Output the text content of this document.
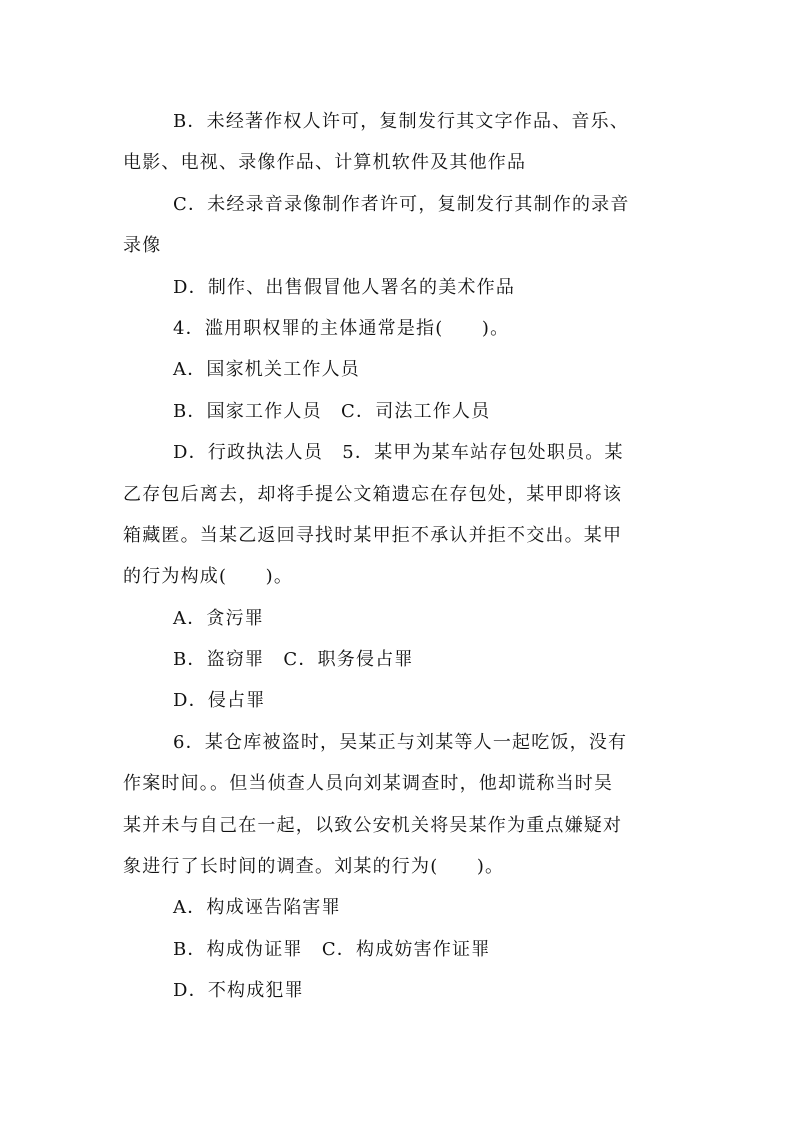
B．未经著作权人许可，复制发行其文字作品、音乐、
电影、电视、录像作品、计算机软件及其他作品
C．未经录音录像制作者许可，复制发行其制作的录音
录像
D．制作、出售假冒他人署名的美术作品
4．滥用职权罪的主体通常是指(　　)。
A．国家机关工作人员
B．国家工作人员　C．司法工作人员
D．行政执法人员　5．某甲为某车站存包处职员。某
乙存包后离去，却将手提公文箱遗忘在存包处，某甲即将该
箱藏匿。当某乙返回寻找时某甲拒不承认并拒不交出。某甲
的行为构成(　　)。
A．贪污罪
B．盗窃罪　C．职务侵占罪
D．侵占罪
6．某仓库被盗时，吴某正与刘某等人一起吃饭，没有
作案时间。。但当侦查人员向刘某调查时，他却谎称当时吴
某并未与自己在一起，以致公安机关将吴某作为重点嫌疑对
象进行了长时间的调查。刘某的行为(　　)。
A．构成诬告陷害罪
B．构成伪证罪　C．构成妨害作证罪
D．不构成犯罪
